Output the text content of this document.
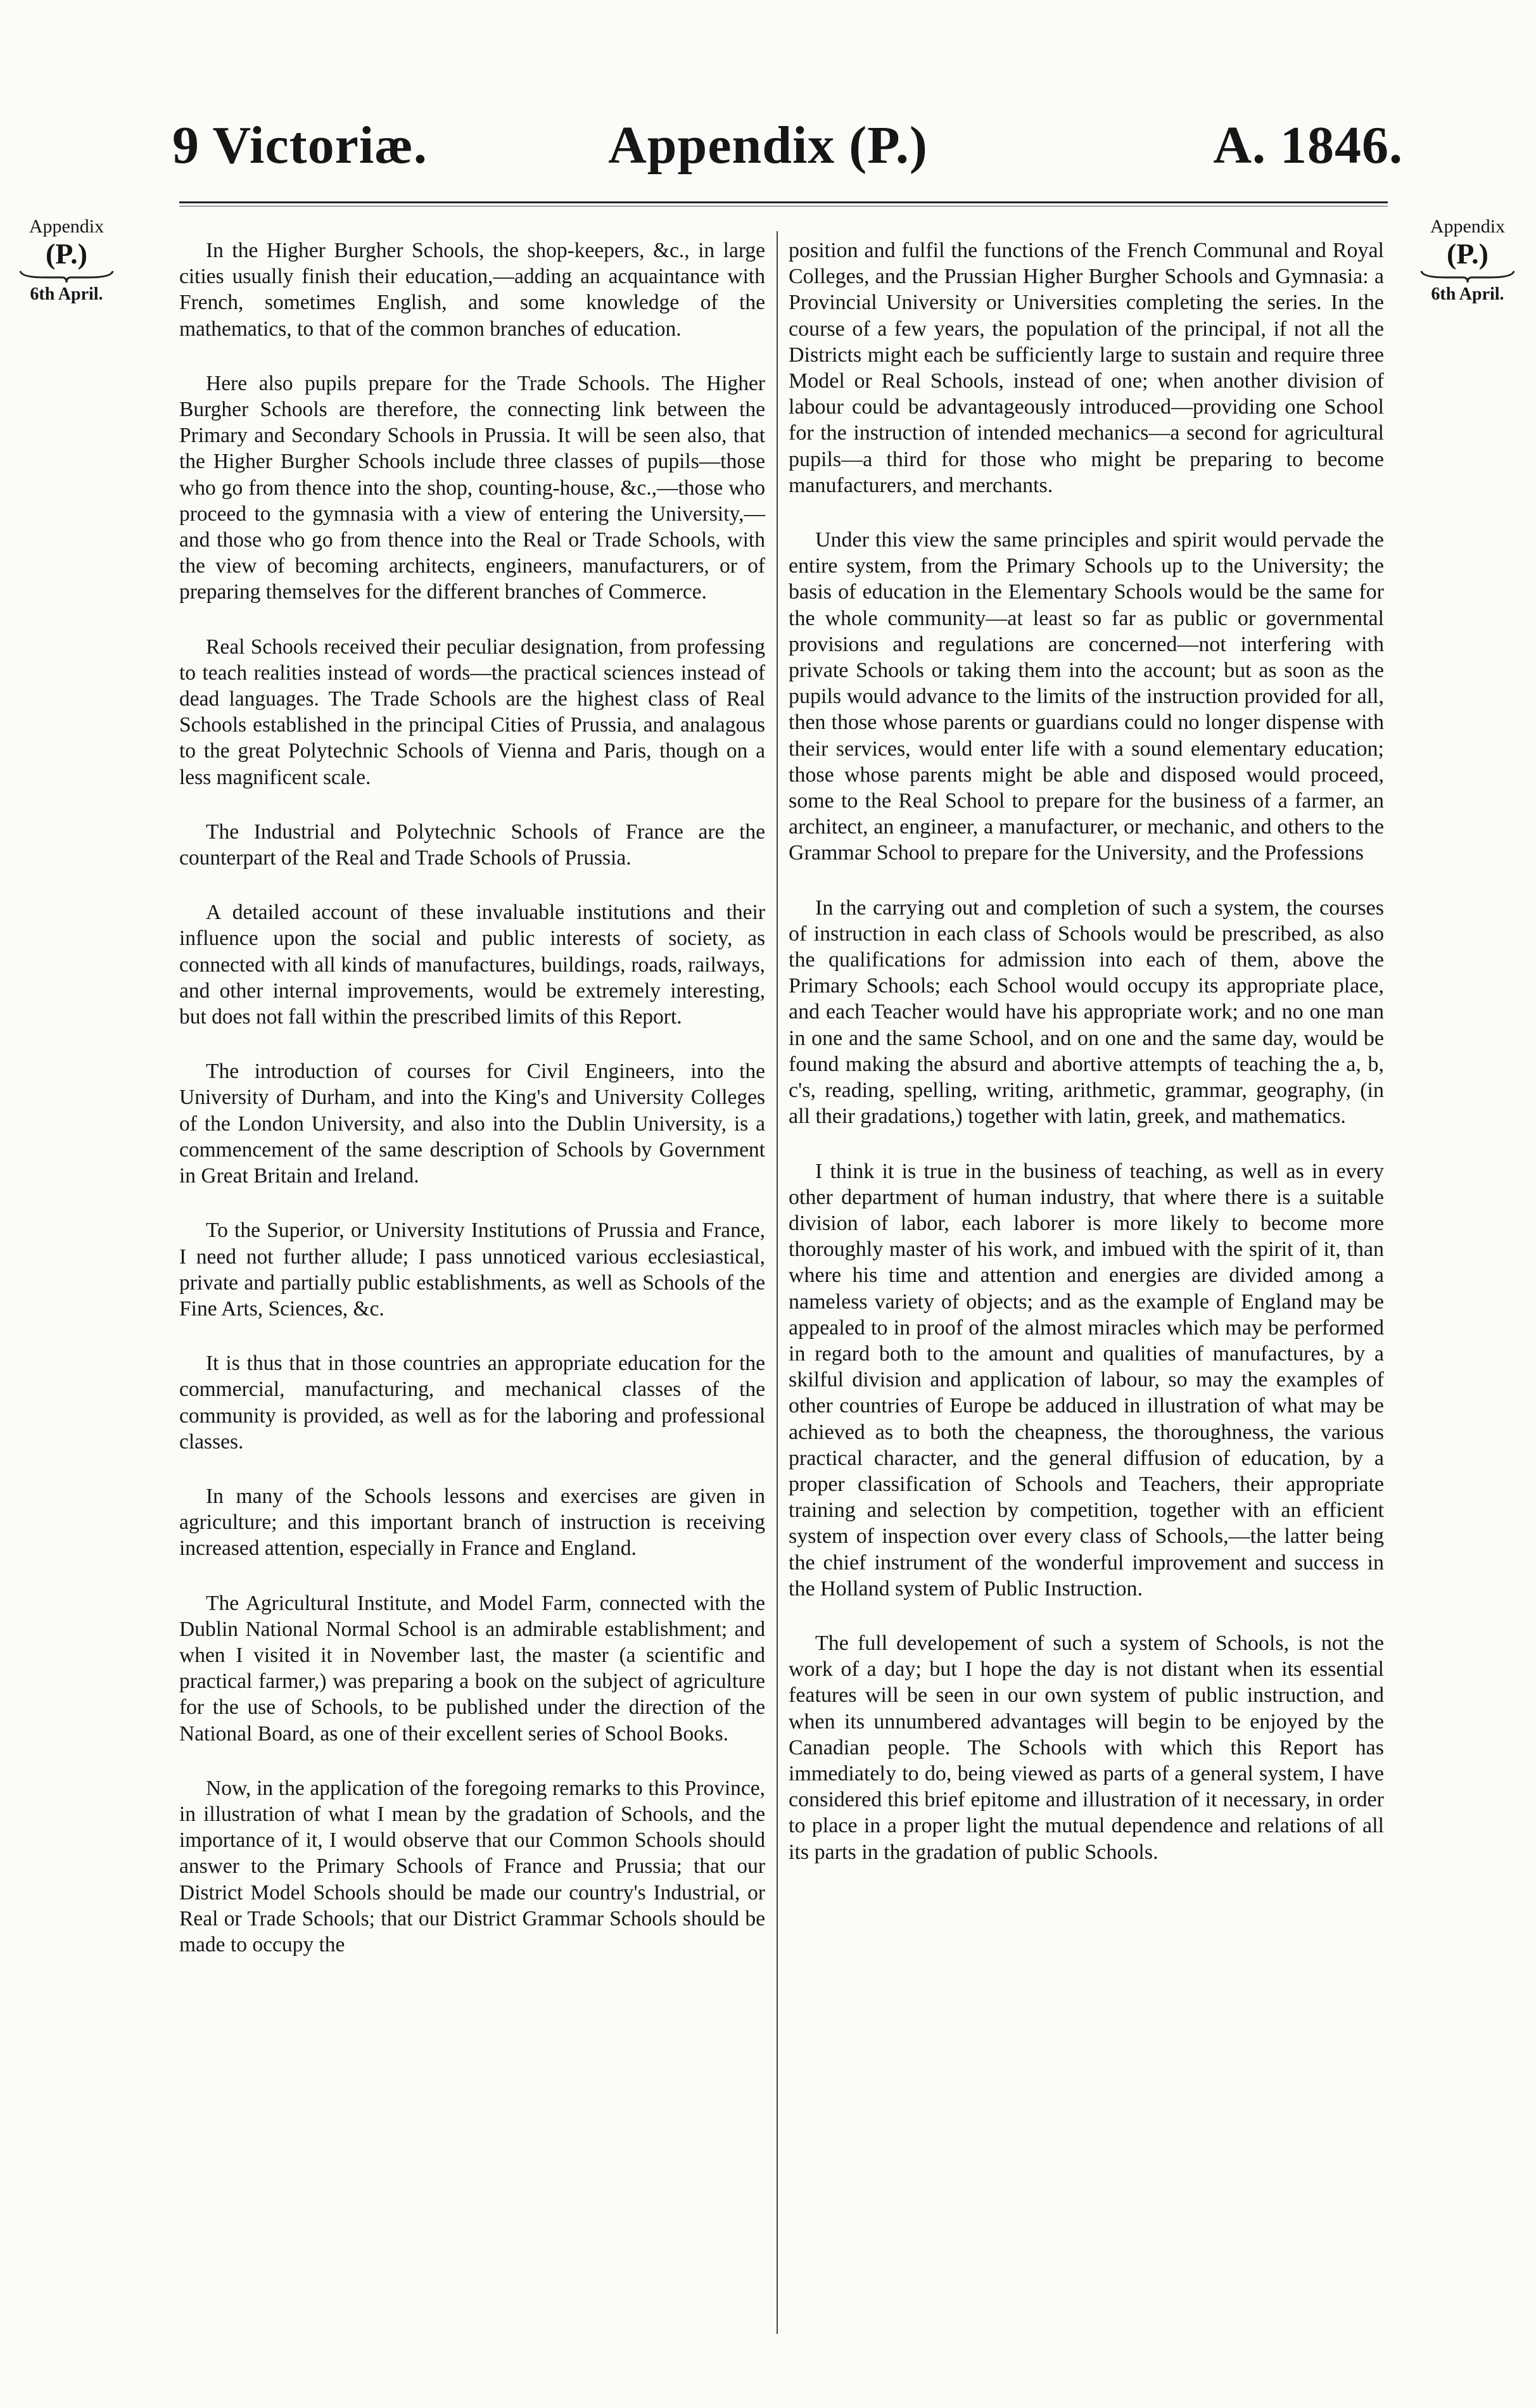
Appendix (P.)
9 Victoriæ.	A. 1846.
Appendix
(P.)
6th April.
Appendix
(P.)
6th April.

In the Higher Burgher Schools, the shop-keepers, &c., in large cities usually finish their education,—adding an acquaintance with French, sometimes English, and some knowledge of the mathematics, to that of the common branches of education.

Here also pupils prepare for the Trade Schools. The Higher Burgher Schools are therefore, the connecting link between the Primary and Secondary Schools in Prussia. It will be seen also, that the Higher Burgher Schools include three classes of pupils—those who go from thence into the shop, counting-house, &c.,—those who proceed to the gymnasia with a view of entering the University,—and those who go from thence into the Real or Trade Schools, with the view of becoming architects, engineers, manufacturers, or of preparing themselves for the different branches of Commerce.

Real Schools received their peculiar designation, from professing to teach realities instead of words—the practical sciences instead of dead languages. The Trade Schools are the highest class of Real Schools established in the principal Cities of Prussia, and analagous to the great Polytechnic Schools of Vienna and Paris, though on a less magnificent scale.

The Industrial and Polytechnic Schools of France are the counterpart of the Real and Trade Schools of Prussia.

A detailed account of these invaluable institutions and their influence upon the social and public interests of society, as connected with all kinds of manufactures, buildings, roads, railways, and other internal improvements, would be extremely interesting, but does not fall within the prescribed limits of this Report.

The introduction of courses for Civil Engineers, into the University of Durham, and into the King's and University Colleges of the London University, and also into the Dublin University, is a commencement of the same description of Schools by Government in Great Britain and Ireland.

To the Superior, or University Institutions of Prussia and France, I need not further allude; I pass unnoticed various ecclesiastical, private and partially public establishments, as well as Schools of the Fine Arts, Sciences, &c.

It is thus that in those countries an appropriate education for the commercial, manufacturing, and mechanical classes of the community is provided, as well as for the laboring and professional classes.

In many of the Schools lessons and exercises are given in agriculture; and this important branch of instruction is receiving increased attention, especially in France and England.

The Agricultural Institute, and Model Farm, connected with the Dublin National Normal School is an admirable establishment; and when I visited it in November last, the master (a scientific and practical farmer,) was preparing a book on the subject of agriculture for the use of Schools, to be published under the direction of the National Board, as one of their excellent series of School Books.

Now, in the application of the foregoing remarks to this Province, in illustration of what I mean by the gradation of Schools, and the importance of it, I would observe that our Common Schools should answer to the Primary Schools of France and Prussia; that our District Model Schools should be made our country's Industrial, or Real or Trade Schools; that our District Grammar Schools should be made to occupy the

position and fulfil the functions of the French Communal and Royal Colleges, and the Prussian Higher Burgher Schools and Gymnasia: a Provincial University or Universities completing the series. In the course of a few years, the population of the principal, if not all the Districts might each be sufficiently large to sustain and require three Model or Real Schools, instead of one; when another division of labour could be advantageously introduced—providing one School for the instruction of intended mechanics—a second for agricultural pupils—a third for those who might be preparing to become manufacturers, and merchants.

Under this view the same principles and spirit would pervade the entire system, from the Primary Schools up to the University; the basis of education in the Elementary Schools would be the same for the whole community—at least so far as public or governmental provisions and regulations are concerned—not interfering with private Schools or taking them into the account; but as soon as the pupils would advance to the limits of the instruction provided for all, then those whose parents or guardians could no longer dispense with their services, would enter life with a sound elementary education; those whose parents might be able and disposed would proceed, some to the Real School to prepare for the business of a farmer, an architect, an engineer, a manufacturer, or mechanic, and others to the Grammar School to prepare for the University, and the Professions

In the carrying out and completion of such a system, the courses of instruction in each class of Schools would be prescribed, as also the qualifications for admission into each of them, above the Primary Schools; each School would occupy its appropriate place, and each Teacher would have his appropriate work; and no one man in one and the same School, and on one and the same day, would be found making the absurd and abortive attempts of teaching the a, b, c's, reading, spelling, writing, arithmetic, grammar, geography, (in all their gradations,) together with latin, greek, and mathematics.

I think it is true in the business of teaching, as well as in every other department of human industry, that where there is a suitable division of labor, each laborer is more likely to become more thoroughly master of his work, and imbued with the spirit of it, than where his time and attention and energies are divided among a nameless variety of objects; and as the example of England may be appealed to in proof of the almost miracles which may be performed in regard both to the amount and qualities of manufactures, by a skilful division and application of labour, so may the examples of other countries of Europe be adduced in illustration of what may be achieved as to both the cheapness, the thoroughness, the various practical character, and the general diffusion of education, by a proper classification of Schools and Teachers, their appropriate training and selection by competition, together with an efficient system of inspection over every class of Schools,—the latter being the chief instrument of the wonderful improvement and success in the Holland system of Public Instruction.

The full developement of such a system of Schools, is not the work of a day; but I hope the day is not distant when its essential features will be seen in our own system of public instruction, and when its unnumbered advantages will begin to be enjoyed by the Canadian people. The Schools with which this Report has immediately to do, being viewed as parts of a general system, I have considered this brief epitome and illustration of it necessary, in order to place in a proper light the mutual dependence and relations of all its parts in the gradation of public Schools.
